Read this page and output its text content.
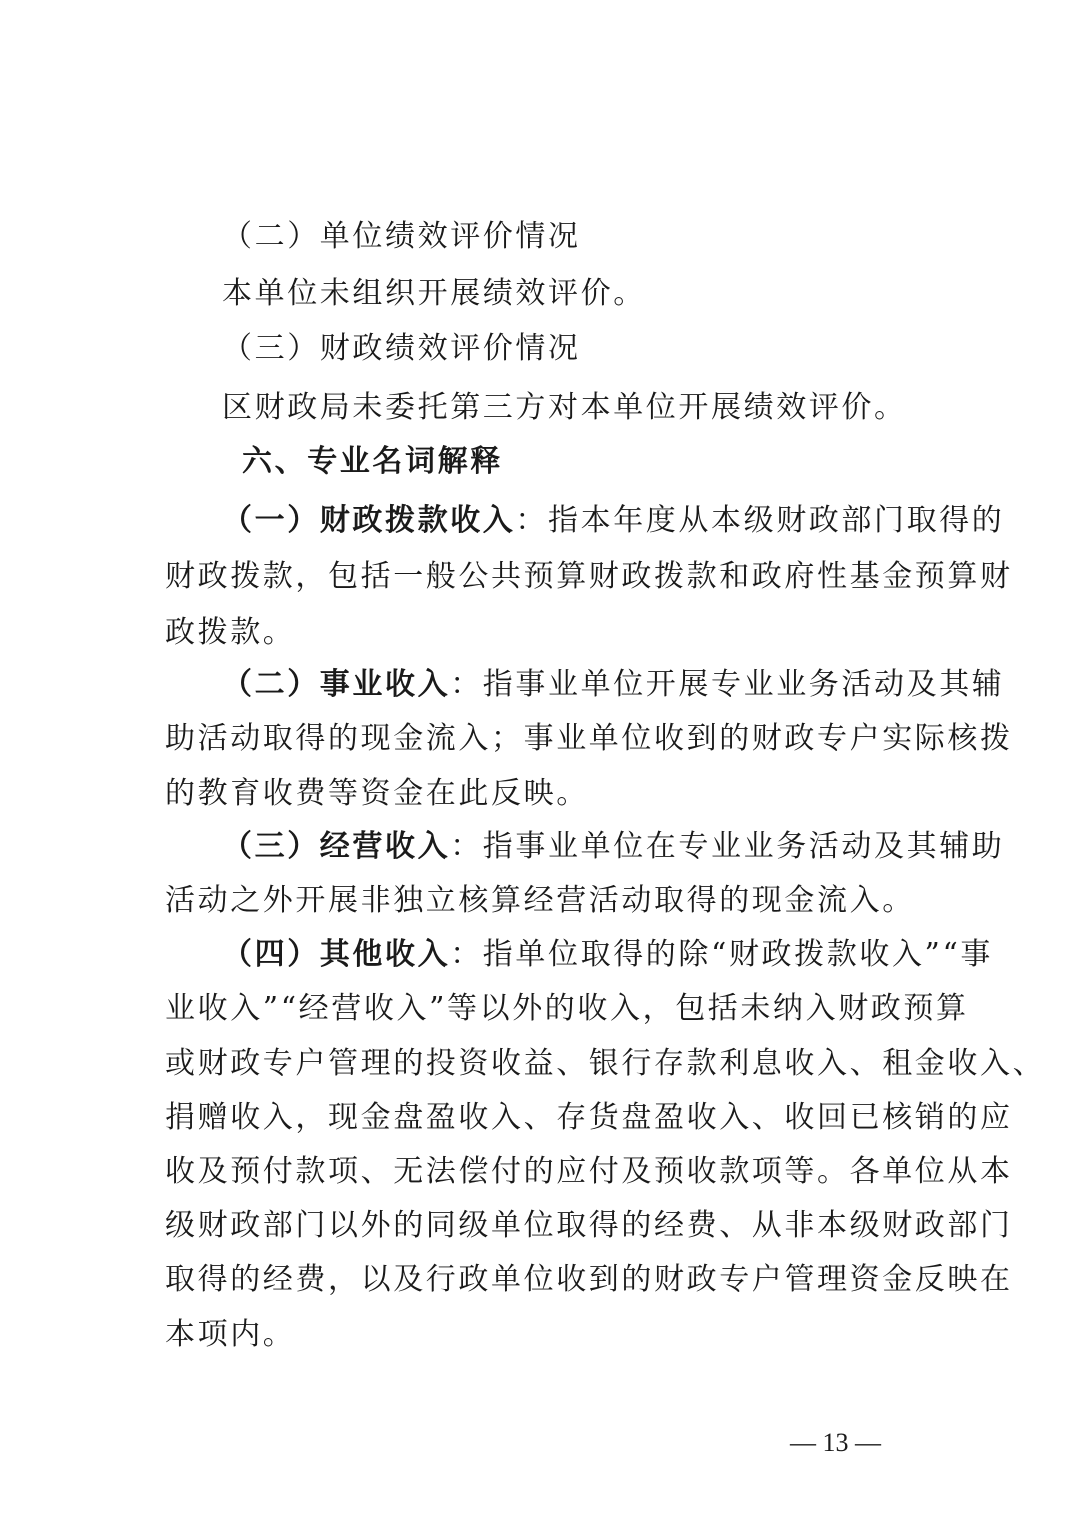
（二）单位绩效评价情况
本单位未组织开展绩效评价。
（三）财政绩效评价情况
区财政局未委托第三方对本单位开展绩效评价。
六、专业名词解释
（一）财政拨款收入：指本年度从本级财政部门取得的
财政拨款，包括一般公共预算财政拨款和政府性基金预算财
政拨款。
（二）事业收入：指事业单位开展专业业务活动及其辅
助活动取得的现金流入；事业单位收到的财政专户实际核拨
的教育收费等资金在此反映。
（三）经营收入：指事业单位在专业业务活动及其辅助
活动之外开展非独立核算经营活动取得的现金流入。
（四）其他收入：指单位取得的除“财政拨款收入”“事
业收入”“经营收入”等以外的收入，包括未纳入财政预算
或财政专户管理的投资收益、银行存款利息收入、租金收入、
捐赠收入，现金盘盈收入、存货盘盈收入、收回已核销的应
收及预付款项、无法偿付的应付及预收款项等。各单位从本
级财政部门以外的同级单位取得的经费、从非本级财政部门
取得的经费，以及行政单位收到的财政专户管理资金反映在
本项内。
— 13 —
